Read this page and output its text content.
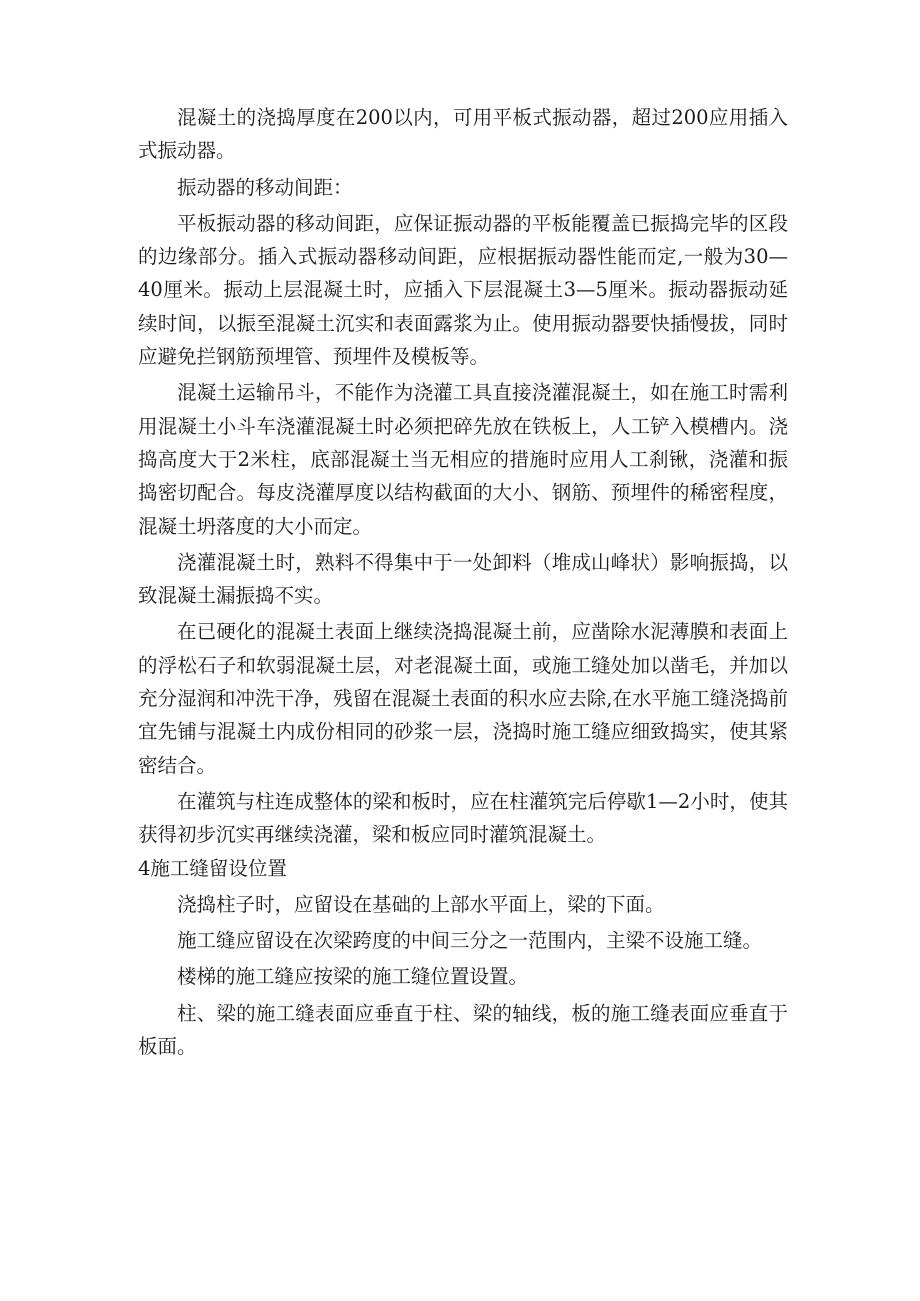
混凝土的浇捣厚度在200以内，可用平板式振动器，超过200应用插入式振动器。

振动器的移动间距：

平板振动器的移动间距，应保证振动器的平板能覆盖已振捣完毕的区段的边缘部分。插入式振动器移动间距，应根据振动器性能而定,一般为30—40厘米。振动上层混凝土时，应插入下层混凝土3—5厘米。振动器振动延续时间，以振至混凝土沉实和表面露浆为止。使用振动器要快插慢拔，同时应避免拦钢筋预埋管、预埋件及模板等。

混凝土运输吊斗，不能作为浇灌工具直接浇灌混凝土，如在施工时需利用混凝土小斗车浇灌混凝土时必须把碎先放在铁板上，人工铲入模槽内。浇捣高度大于2米柱，底部混凝土当无相应的措施时应用人工刹锹，浇灌和振捣密切配合。每皮浇灌厚度以结构截面的大小、钢筋、预埋件的稀密程度，混凝土坍落度的大小而定。

浇灌混凝土时，熟料不得集中于一处卸料（堆成山峰状）影响振捣，以致混凝土漏振捣不实。

在已硬化的混凝土表面上继续浇捣混凝土前，应凿除水泥薄膜和表面上的浮松石子和软弱混凝土层，对老混凝土面，或施工缝处加以凿毛，并加以充分湿润和冲洗干净，残留在混凝土表面的积水应去除,在水平施工缝浇捣前宜先铺与混凝土内成份相同的砂浆一层，浇捣时施工缝应细致捣实，使其紧密结合。

在灌筑与柱连成整体的梁和板时，应在柱灌筑完后停歇1—2小时，使其获得初步沉实再继续浇灌，梁和板应同时灌筑混凝土。

4施工缝留设位置

浇捣柱子时，应留设在基础的上部水平面上，梁的下面。

施工缝应留设在次梁跨度的中间三分之一范围内，主梁不设施工缝。

楼梯的施工缝应按梁的施工缝位置设置。

柱、梁的施工缝表面应垂直于柱、梁的轴线，板的施工缝表面应垂直于板面。
